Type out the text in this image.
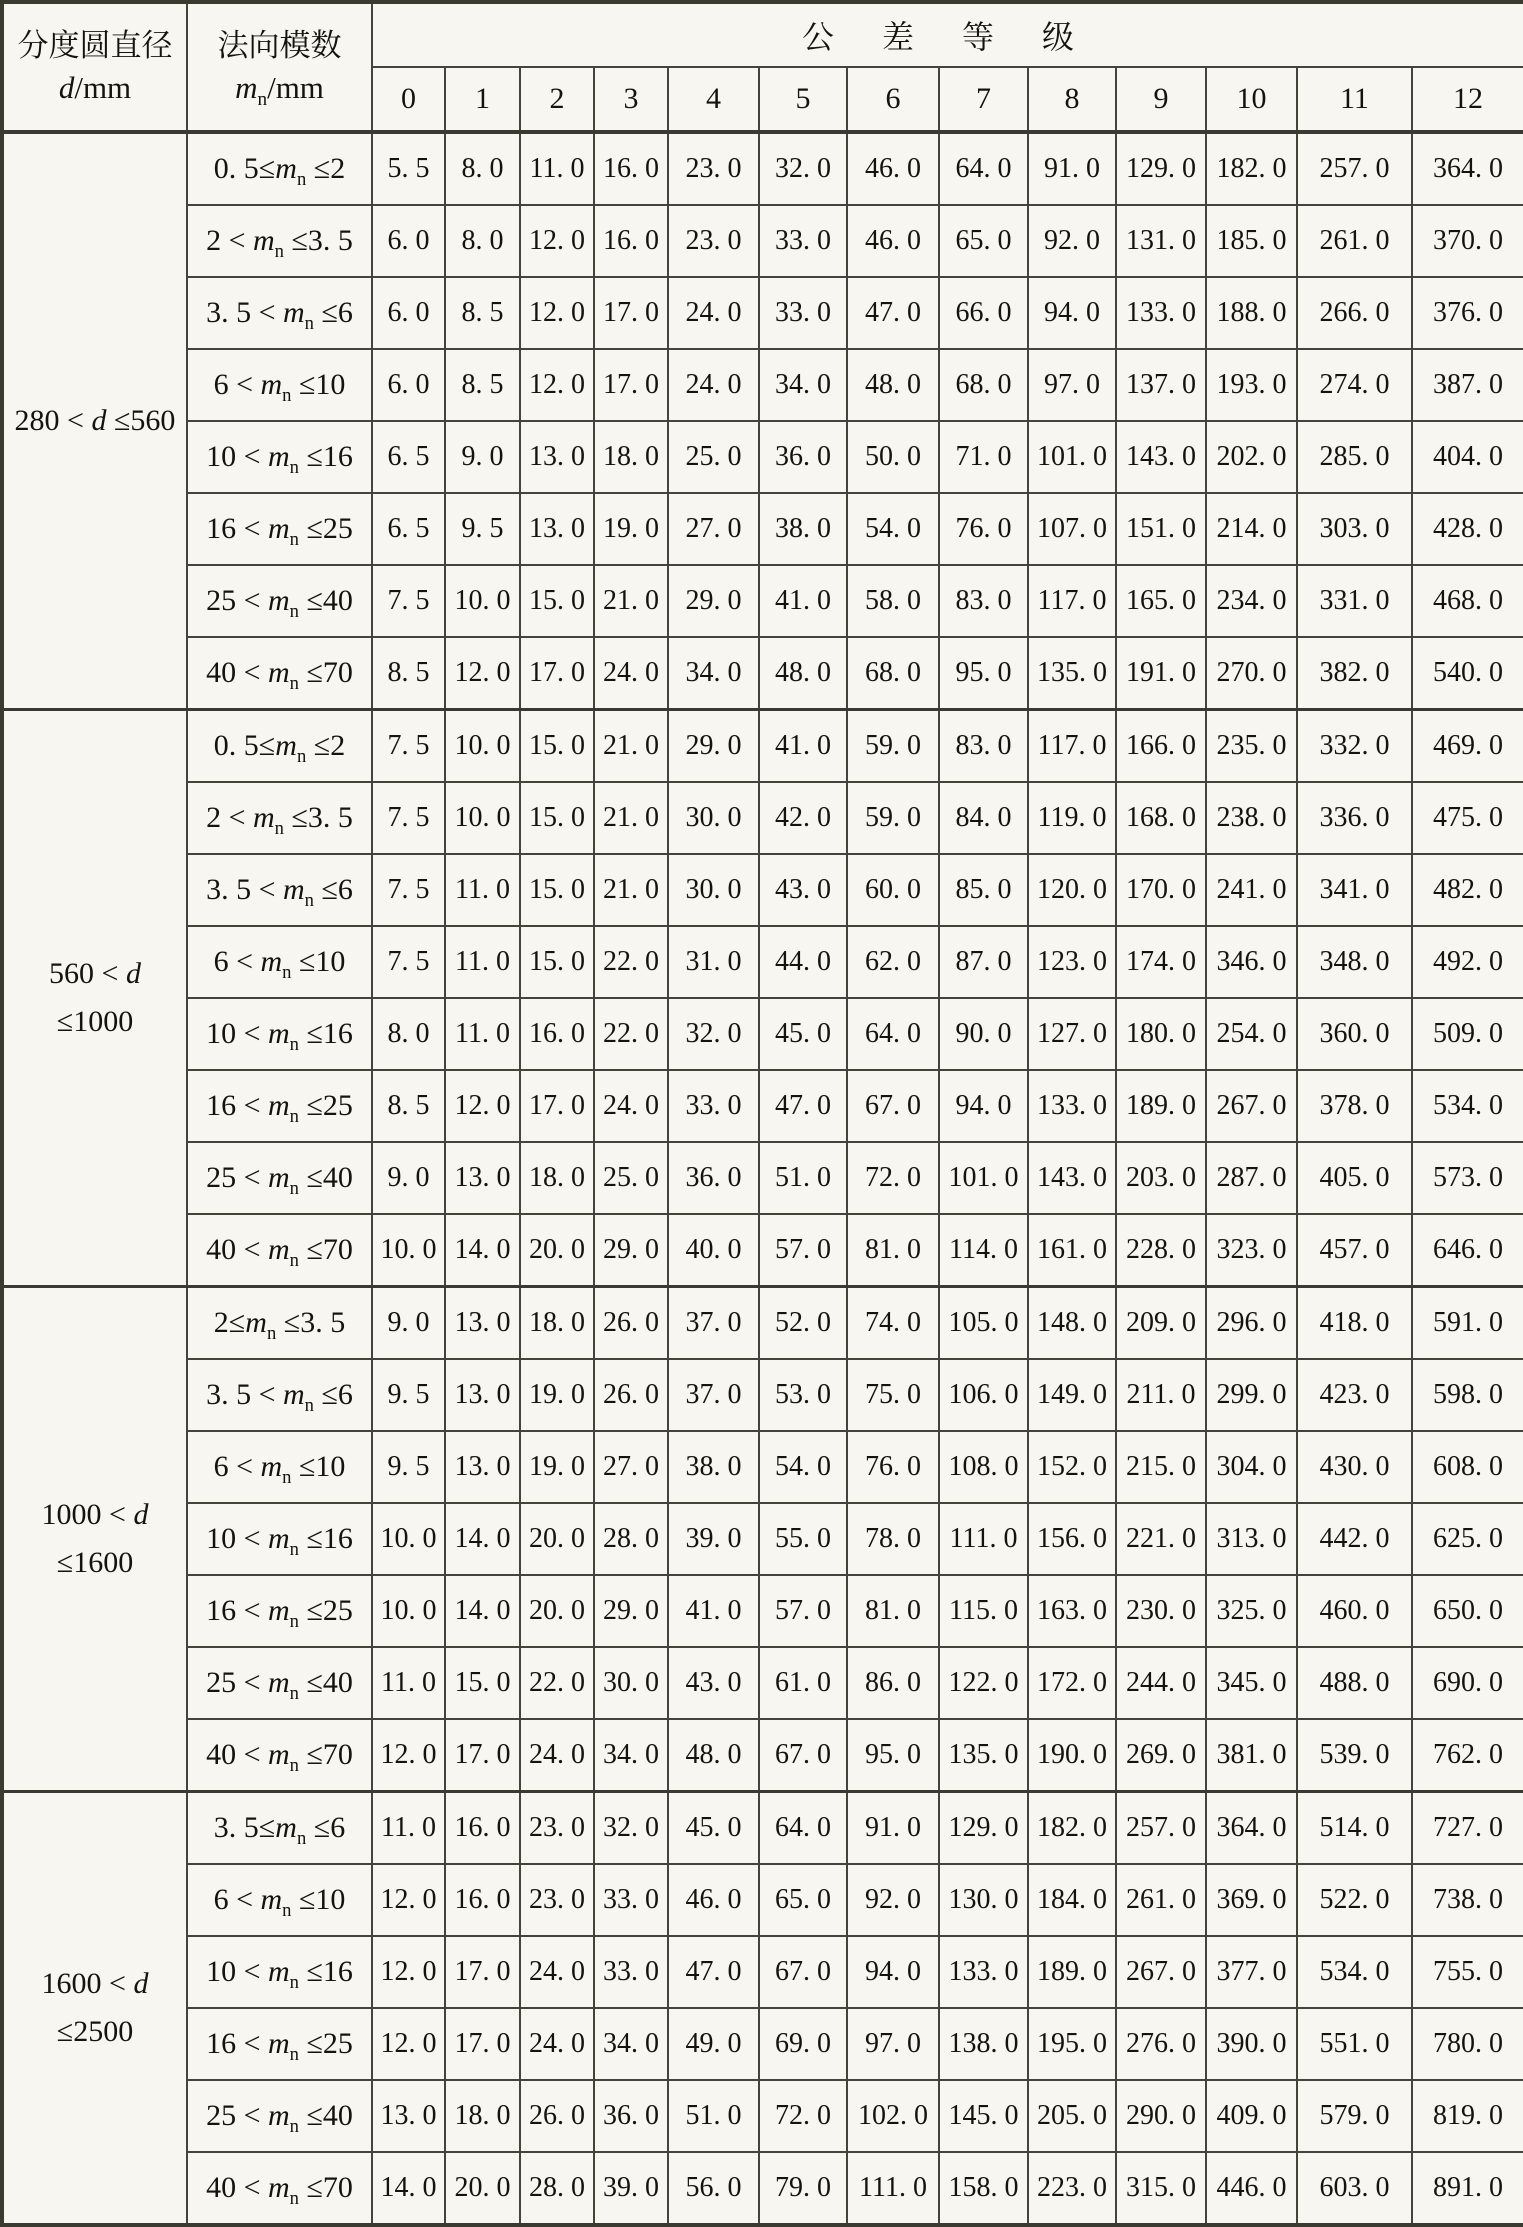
分度圆直径
d/mm	法向模数
$m_n/mm$	公 差 等 级												
		0	1	2	3	4	5	6	7	8	9	10	11	12
280 < d ≤560	0. $5\le m_n \le 2$	5. 5	8. 0	11. 0	16. 0	23. 0	32. 0	46. 0	64. 0	91. 0	129. 0	182. 0	257. 0	364. 0
	$2 < m_n \le 3$. 5	6. 0	8. 0	12. 0	16. 0	23. 0	33. 0	46. 0	65. 0	92. 0	131. 0	185. 0	261. 0	370. 0
	3. $5 < m_n \le 6$	6. 0	8. 5	12. 0	17. 0	24. 0	33. 0	47. 0	66. 0	94. 0	133. 0	188. 0	266. 0	376. 0
	$6 < m_n \le 10$	6. 0	8. 5	12. 0	17. 0	24. 0	34. 0	48. 0	68. 0	97. 0	137. 0	193. 0	274. 0	387. 0
	$10 < m_n \le 16$	6. 5	9. 0	13. 0	18. 0	25. 0	36. 0	50. 0	71. 0	101. 0	143. 0	202. 0	285. 0	404. 0
	$16 < m_n \le 25$	6. 5	9. 5	13. 0	19. 0	27. 0	38. 0	54. 0	76. 0	107. 0	151. 0	214. 0	303. 0	428. 0
	$25 < m_n \le 40$	7. 5	10. 0	15. 0	21. 0	29. 0	41. 0	58. 0	83. 0	117. 0	165. 0	234. 0	331. 0	468. 0
	$40 < m_n \le 70$	8. 5	12. 0	17. 0	24. 0	34. 0	48. 0	68. 0	95. 0	135. 0	191. 0	270. 0	382. 0	540. 0
560 < d
≤1000	0. $5\le m_n \le 2$	7. 5	10. 0	15. 0	21. 0	29. 0	41. 0	59. 0	83. 0	117. 0	166. 0	235. 0	332. 0	469. 0
	$2 < m_n \le 3$. 5	7. 5	10. 0	15. 0	21. 0	30. 0	42. 0	59. 0	84. 0	119. 0	168. 0	238. 0	336. 0	475. 0
	3. $5 < m_n \le 6$	7. 5	11. 0	15. 0	21. 0	30. 0	43. 0	60. 0	85. 0	120. 0	170. 0	241. 0	341. 0	482. 0
	$6 < m_n \le 10$	7. 5	11. 0	15. 0	22. 0	31. 0	44. 0	62. 0	87. 0	123. 0	174. 0	346. 0	348. 0	492. 0
	$10 < m_n \le 16$	8. 0	11. 0	16. 0	22. 0	32. 0	45. 0	64. 0	90. 0	127. 0	180. 0	254. 0	360. 0	509. 0
	$16 < m_n \le 25$	8. 5	12. 0	17. 0	24. 0	33. 0	47. 0	67. 0	94. 0	133. 0	189. 0	267. 0	378. 0	534. 0
	$25 < m_n \le 40$	9. 0	13. 0	18. 0	25. 0	36. 0	51. 0	72. 0	101. 0	143. 0	203. 0	287. 0	405. 0	573. 0
	$40 < m_n \le 70$	10. 0	14. 0	20. 0	29. 0	40. 0	57. 0	81. 0	114. 0	161. 0	228. 0	323. 0	457. 0	646. 0
1000 < d
≤1600	$2\le m_n \le 3$. 5	9. 0	13. 0	18. 0	26. 0	37. 0	52. 0	74. 0	105. 0	148. 0	209. 0	296. 0	418. 0	591. 0
	3. $5 < m_n \le 6$	9. 5	13. 0	19. 0	26. 0	37. 0	53. 0	75. 0	106. 0	149. 0	211. 0	299. 0	423. 0	598. 0
	$6 < m_n \le 10$	9. 5	13. 0	19. 0	27. 0	38. 0	54. 0	76. 0	108. 0	152. 0	215. 0	304. 0	430. 0	608. 0
	$10 < m_n \le 16$	10. 0	14. 0	20. 0	28. 0	39. 0	55. 0	78. 0	111. 0	156. 0	221. 0	313. 0	442. 0	625. 0
	$16 < m_n \le 25$	10. 0	14. 0	20. 0	29. 0	41. 0	57. 0	81. 0	115. 0	163. 0	230. 0	325. 0	460. 0	650. 0
	$25 < m_n \le 40$	11. 0	15. 0	22. 0	30. 0	43. 0	61. 0	86. 0	122. 0	172. 0	244. 0	345. 0	488. 0	690. 0
	$40 < m_n \le 70$	12. 0	17. 0	24. 0	34. 0	48. 0	67. 0	95. 0	135. 0	190. 0	269. 0	381. 0	539. 0	762. 0
1600 < d
≤2500	3. $5\le m_n \le 6$	11. 0	16. 0	23. 0	32. 0	45. 0	64. 0	91. 0	129. 0	182. 0	257. 0	364. 0	514. 0	727. 0
	$6 < m_n \le 10$	12. 0	16. 0	23. 0	33. 0	46. 0	65. 0	92. 0	130. 0	184. 0	261. 0	369. 0	522. 0	738. 0
	$10 < m_n \le 16$	12. 0	17. 0	24. 0	33. 0	47. 0	67. 0	94. 0	133. 0	189. 0	267. 0	377. 0	534. 0	755. 0
	$16 < m_n \le 25$	12. 0	17. 0	24. 0	34. 0	49. 0	69. 0	97. 0	138. 0	195. 0	276. 0	390. 0	551. 0	780. 0
	$25 < m_n \le 40$	13. 0	18. 0	26. 0	36. 0	51. 0	72. 0	102. 0	145. 0	205. 0	290. 0	409. 0	579. 0	819. 0
	$40 < m_n \le 70$	14. 0	20. 0	28. 0	39. 0	56. 0	79. 0	111. 0	158. 0	223. 0	315. 0	446. 0	603. 0	891. 0
